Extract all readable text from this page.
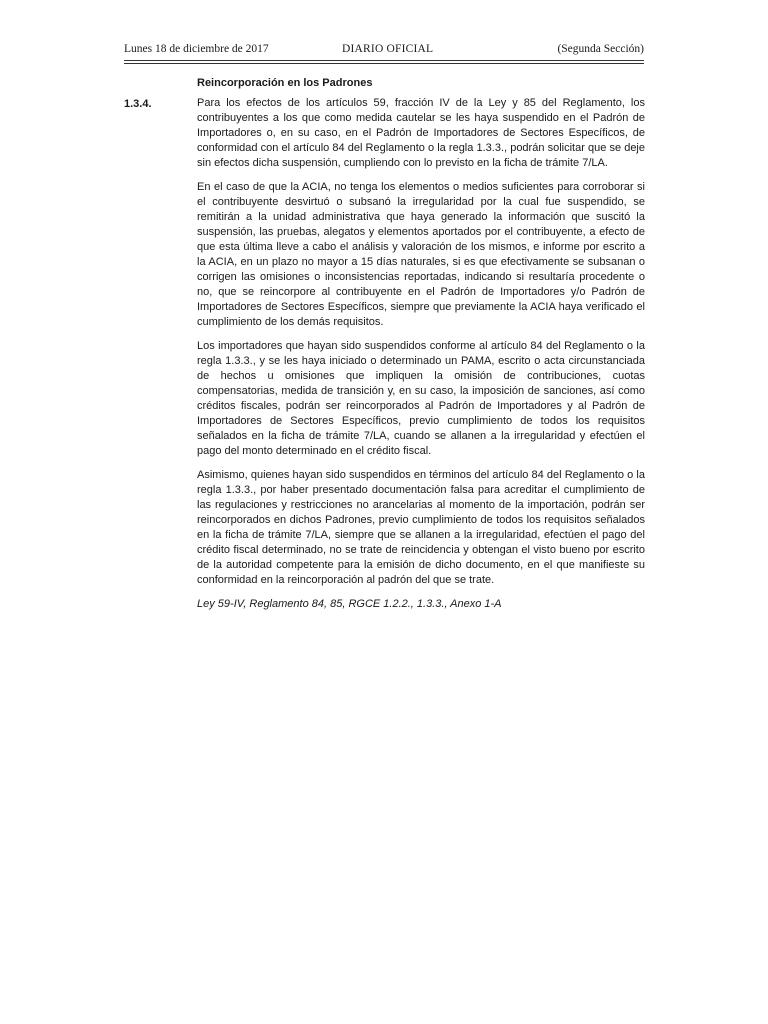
Lunes 18 de diciembre de 2017	DIARIO OFICIAL	(Segunda Sección)
Reincorporación en los Padrones
1.3.4.	Para los efectos de los artículos 59, fracción IV de la Ley y 85 del Reglamento, los contribuyentes a los que como medida cautelar se les haya suspendido en el Padrón de Importadores o, en su caso, en el Padrón de Importadores de Sectores Específicos, de conformidad con el artículo 84 del Reglamento o la regla 1.3.3., podrán solicitar que se deje sin efectos dicha suspensión, cumpliendo con lo previsto en la ficha de trámite 7/LA.

En el caso de que la ACIA, no tenga los elementos o medios suficientes para corroborar si el contribuyente desvirtuó o subsanó la irregularidad por la cual fue suspendido, se remitirán a la unidad administrativa que haya generado la información que suscitó la suspensión, las pruebas, alegatos y elementos aportados por el contribuyente, a efecto de que esta última lleve a cabo el análisis y valoración de los mismos, e informe por escrito a la ACIA, en un plazo no mayor a 15 días naturales, si es que efectivamente se subsanan o corrigen las omisiones o inconsistencias reportadas, indicando si resultaría procedente o no, que se reincorpore al contribuyente en el Padrón de Importadores y/o Padrón de Importadores de Sectores Específicos, siempre que previamente la ACIA haya verificado el cumplimiento de los demás requisitos.

Los importadores que hayan sido suspendidos conforme al artículo 84 del Reglamento o la regla 1.3.3., y se les haya iniciado o determinado un PAMA, escrito o acta circunstanciada de hechos u omisiones que impliquen la omisión de contribuciones, cuotas compensatorias, medida de transición y, en su caso, la imposición de sanciones, así como créditos fiscales, podrán ser reincorporados al Padrón de Importadores y al Padrón de Importadores de Sectores Específicos, previo cumplimiento de todos los requisitos señalados en la ficha de trámite 7/LA, cuando se allanen a la irregularidad y efectúen el pago del monto determinado en el crédito fiscal.

Asimismo, quienes hayan sido suspendidos en términos del artículo 84 del Reglamento o la regla 1.3.3., por haber presentado documentación falsa para acreditar el cumplimiento de las regulaciones y restricciones no arancelarias al momento de la importación, podrán ser reincorporados en dichos Padrones, previo cumplimiento de todos los requisitos señalados en la ficha de trámite 7/LA, siempre que se allanen a la irregularidad, efectúen el pago del crédito fiscal determinado, no se trate de reincidencia y obtengan el visto bueno por escrito de la autoridad competente para la emisión de dicho documento, en el que manifieste su conformidad en la reincorporación al padrón del que se trate.

Ley 59-IV, Reglamento 84, 85, RGCE 1.2.2., 1.3.3., Anexo 1-A
